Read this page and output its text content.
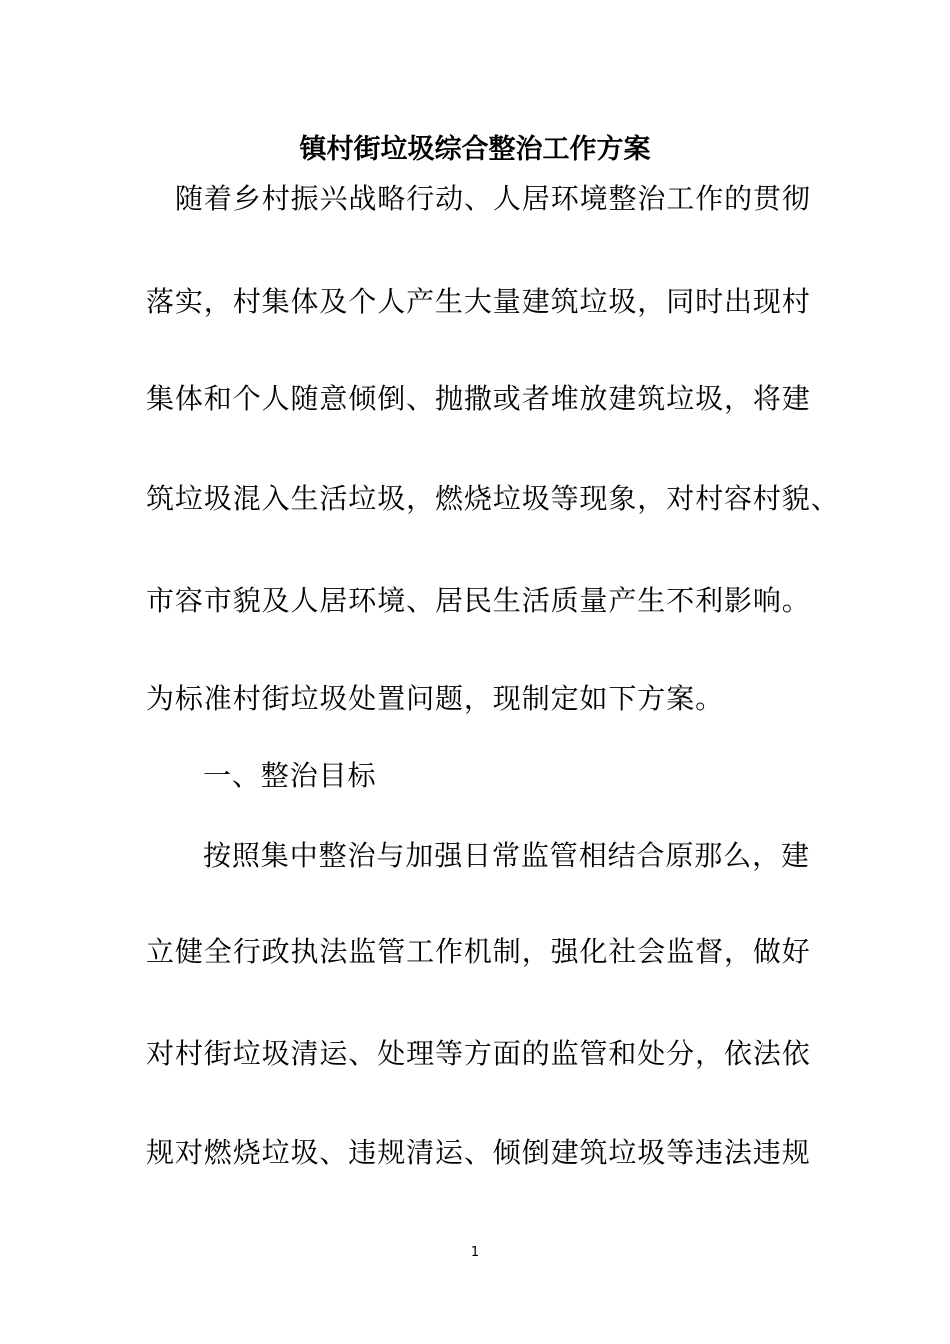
镇村街垃圾综合整治工作方案
随着乡村振兴战略行动、人居环境整治工作的贯彻
落实，村集体及个人产生大量建筑垃圾，同时出现村
集体和个人随意倾倒、抛撒或者堆放建筑垃圾，将建
筑垃圾混入生活垃圾，燃烧垃圾等现象，对村容村貌、
市容市貌及人居环境、居民生活质量产生不利影响。
为标准村街垃圾处置问题，现制定如下方案。
一、整治目标
按照集中整治与加强日常监管相结合原那么，建
立健全行政执法监管工作机制，强化社会监督，做好
对村街垃圾清运、处理等方面的监管和处分，依法依
规对燃烧垃圾、违规清运、倾倒建筑垃圾等违法违规
1
